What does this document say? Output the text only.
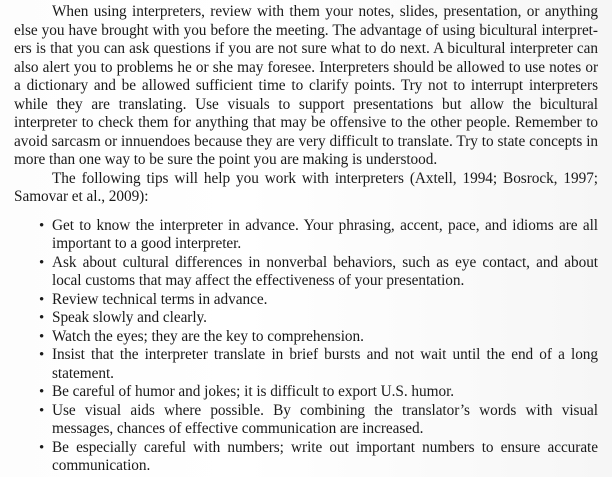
When using interpreters, review with them your notes, slides, presentation, or anything else you have brought with you before the meeting. The advantage of using bicultural interpreters is that you can ask questions if you are not sure what to do next. A bicultural interpreter can also alert you to problems he or she may foresee. Interpreters should be allowed to use notes or a dictionary and be allowed sufficient time to clarify points. Try not to interrupt interpreters while they are translating. Use visuals to support presentations but allow the bicultural interpreter to check them for anything that may be offensive to the other people. Remember to avoid sarcasm or innuendoes because they are very difficult to translate. Try to state concepts in more than one way to be sure the point you are making is understood.

The following tips will help you work with interpreters (Axtell, 1994; Bosrock, 1997; Samovar et al., 2009):

• Get to know the interpreter in advance. Your phrasing, accent, pace, and idioms are all important to a good interpreter.
• Ask about cultural differences in nonverbal behaviors, such as eye contact, and about local customs that may affect the effectiveness of your presentation.
• Review technical terms in advance.
• Speak slowly and clearly.
• Watch the eyes; they are the key to comprehension.
• Insist that the interpreter translate in brief bursts and not wait until the end of a long statement.
• Be careful of humor and jokes; it is difficult to export U.S. humor.
• Use visual aids where possible. By combining the translator’s words with visual messages, chances of effective communication are increased.
• Be especially careful with numbers; write out important numbers to ensure accurate communication.
